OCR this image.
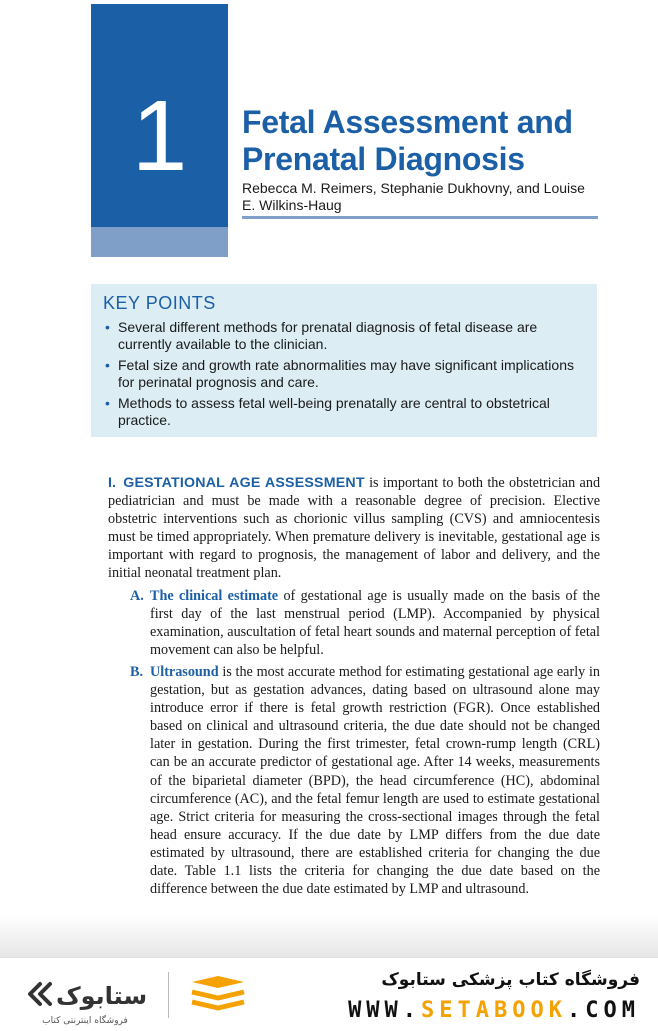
1	Fetal Assessment and Prenatal Diagnosis
Rebecca M. Reimers, Stephanie Dukhovny, and Louise E. Wilkins-Haug
KEY POINTS
• Several different methods for prenatal diagnosis of fetal disease are currently available to the clinician.
• Fetal size and growth rate abnormalities may have significant implications for perinatal prognosis and care.
• Methods to assess fetal well-being prenatally are central to obstetrical practice.

I. GESTATIONAL AGE ASSESSMENT is important to both the obstetrician and pediatrician and must be made with a reasonable degree of precision. Elective obstetric interventions such as chorionic villus sampling (CVS) and amniocentesis must be timed appropriately. When premature delivery is inevitable, gestational age is important with regard to prognosis, the management of labor and delivery, and the initial neonatal treatment plan.

A. The clinical estimate of gestational age is usually made on the basis of the first day of the last menstrual period (LMP). Accompanied by physical examination, auscultation of fetal heart sounds and maternal perception of fetal movement can also be helpful.

B. Ultrasound is the most accurate method for estimating gestational age early in gestation, but as gestation advances, dating based on ultrasound alone may introduce error if there is fetal growth restriction (FGR). Once established based on clinical and ultrasound criteria, the due date should not be changed later in gestation. During the first trimester, fetal crown-rump length (CRL) can be an accurate predictor of gestational age. After 14 weeks, measurements of the biparietal diameter (BPD), the head circumference (HC), abdominal circumference (AC), and the fetal femur length are used to estimate gestational age. Strict criteria for measuring the cross-sectional images through the fetal head ensure accuracy. If the due date by LMP differs from the due date estimated by ultrasound, there are established criteria for changing the due date. Table 1.1 lists the criteria for changing the due date based on the difference between the due date estimated by LMP and ultrasound.

ستابوک
فروشگاه اینترنتی کتاب
فروشگاه کتاب پزشکی ستابوک
WWW.SETABOOK.COM
